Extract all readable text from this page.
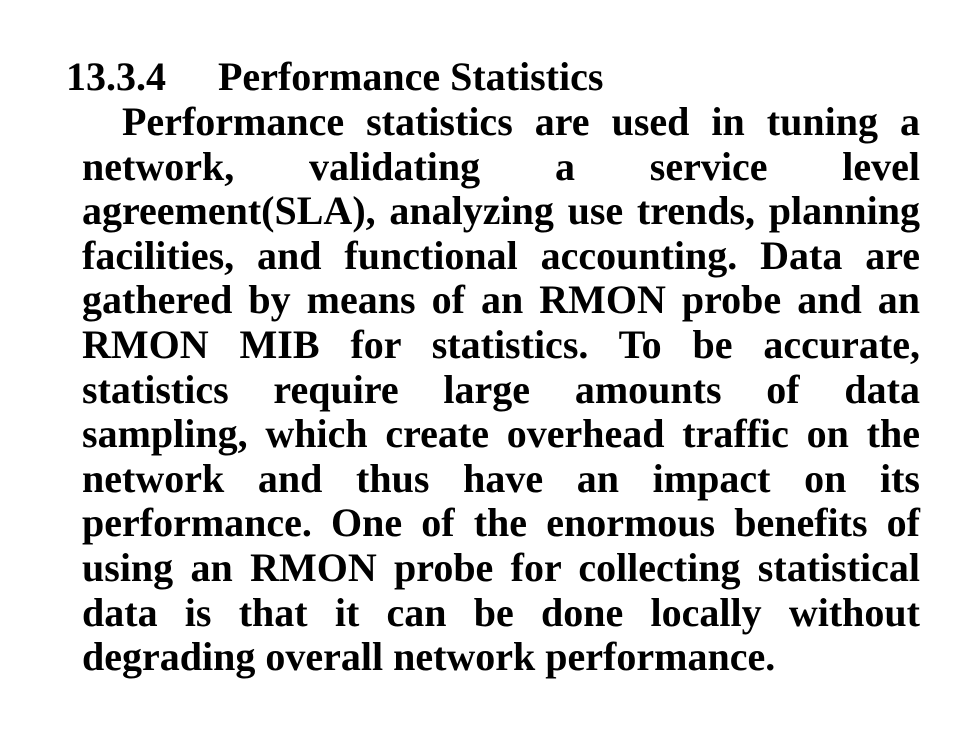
13.3.4 Performance Statistics

Performance statistics are used in tuning a network, validating a service level agreement(SLA), analyzing use trends, planning facilities, and functional accounting. Data are gathered by means of an RMON probe and an RMON MIB for statistics. To be accurate, statistics require large amounts of data sampling, which create overhead traffic on the network and thus have an impact on its performance. One of the enormous benefits of using an RMON probe for collecting statistical data is that it can be done locally without degrading overall network performance.
